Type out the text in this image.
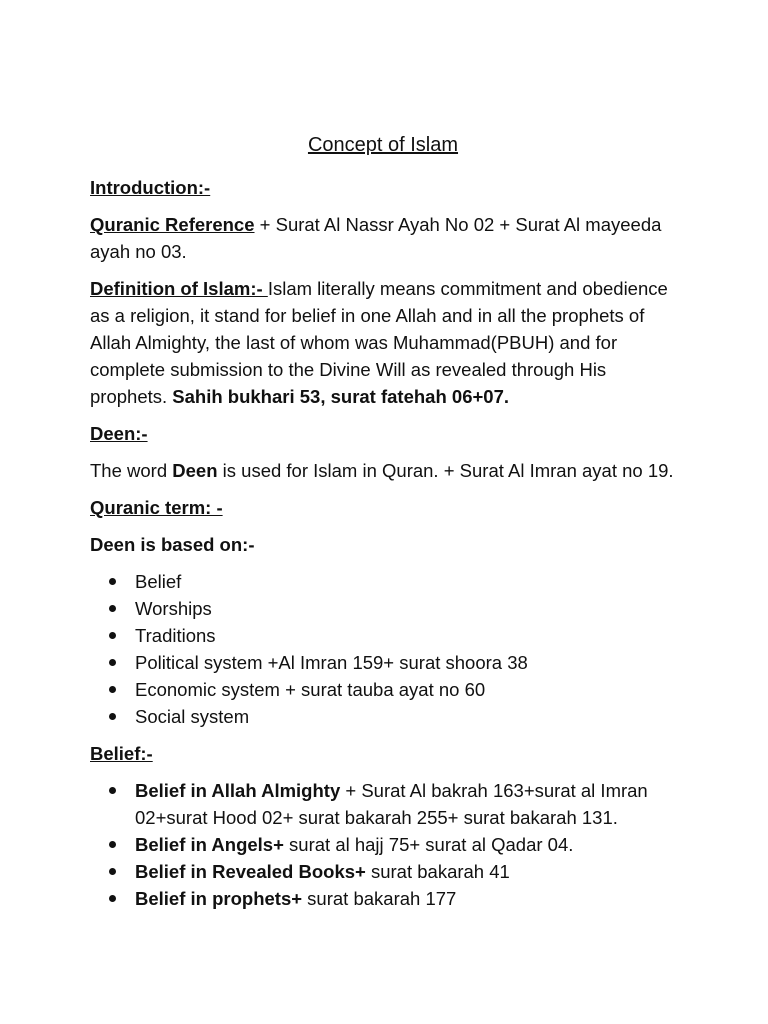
Concept of Islam

Introduction:-

Quranic Reference + Surat Al Nassr Ayah No 02 + Surat Al mayeeda ayah no 03.

Definition of Islam:- Islam literally means commitment and obedience as a religion, it stand for belief in one Allah and in all the prophets of Allah Almighty, the last of whom was Muhammad(PBUH) and for complete submission to the Divine Will as revealed through His prophets. Sahih bukhari 53, surat fatehah 06+07.

Deen:-

The word Deen is used for Islam in Quran. + Surat Al Imran ayat no 19.

Quranic term: -

Deen is based on:-

Belief
Worships
Traditions
Political system +Al Imran 159+ surat shoora 38
Economic system + surat tauba ayat no 60
Social system

Belief:-

Belief in Allah Almighty + Surat Al bakrah 163+surat al Imran 02+surat Hood 02+ surat bakarah 255+ surat bakarah 131.
Belief in Angels+ surat al hajj 75+ surat al Qadar 04.
Belief in Revealed Books+ surat bakarah 41
Belief in prophets+ surat bakarah 177
